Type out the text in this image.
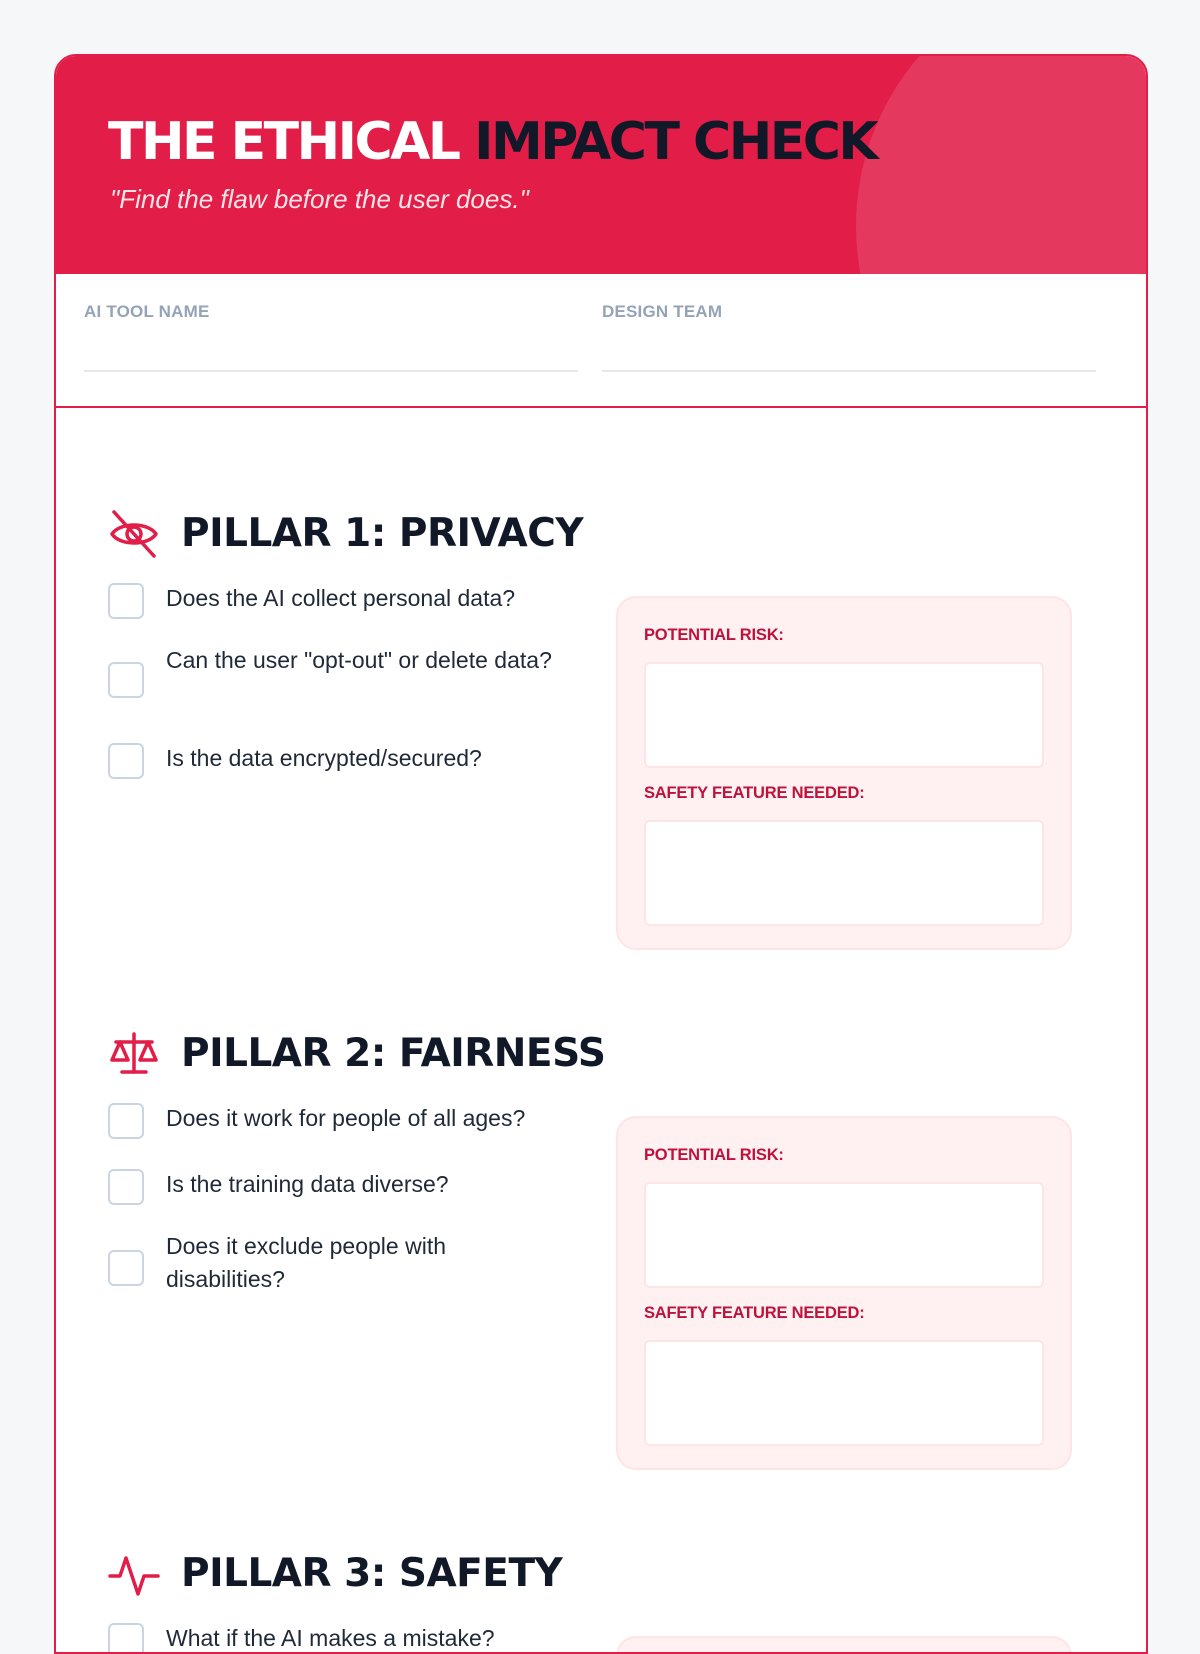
THE ETHICAL IMPACT CHECK
"Find the flaw before the user does."
AI TOOL NAME	DESIGN TEAM
PILLAR 1: PRIVACY
Does the AI collect personal data?
Can the user "opt-out" or delete data?
Is the data encrypted/secured?
POTENTIAL RISK:
SAFETY FEATURE NEEDED:
PILLAR 2: FAIRNESS
Does it work for people of all ages?
Is the training data diverse?
Does it exclude people with disabilities?
POTENTIAL RISK:
SAFETY FEATURE NEEDED:
PILLAR 3: SAFETY
What if the AI makes a mistake?
